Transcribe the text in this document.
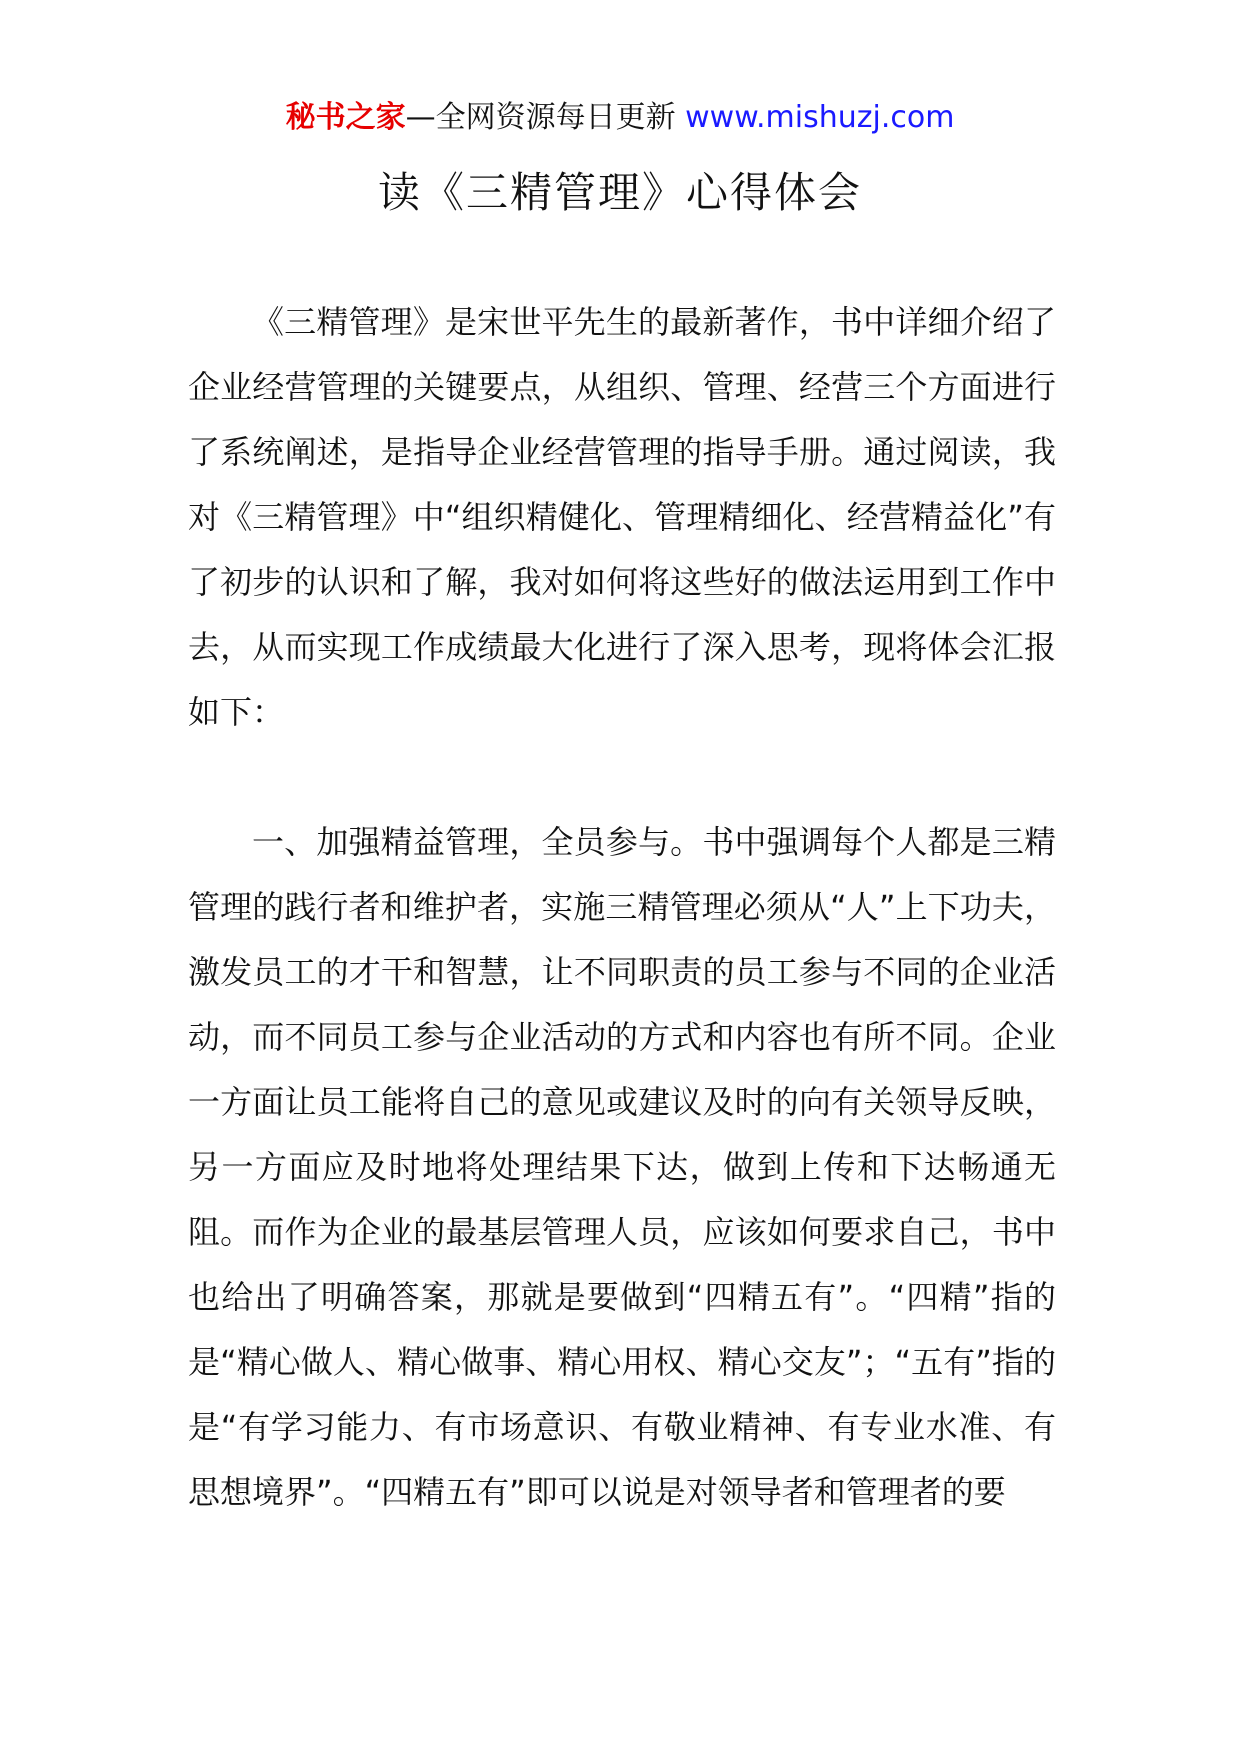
秘书之家—全网资源每日更新 www.mishuzj.com
读《三精管理》心得体会

《三精管理》是宋世平先生的最新著作，书中详细介绍了企业经营管理的关键要点，从组织、管理、经营三个方面进行了系统阐述，是指导企业经营管理的指导手册。通过阅读，我对《三精管理》中“组织精健化、管理精细化、经营精益化”有了初步的认识和了解，我对如何将这些好的做法运用到工作中去，从而实现工作成绩最大化进行了深入思考，现将体会汇报如下：

一、加强精益管理，全员参与。书中强调每个人都是三精管理的践行者和维护者，实施三精管理必须从“人”上下功夫，激发员工的才干和智慧，让不同职责的员工参与不同的企业活动，而不同员工参与企业活动的方式和内容也有所不同。企业一方面让员工能将自己的意见或建议及时的向有关领导反映，另一方面应及时地将处理结果下达，做到上传和下达畅通无阻。而作为企业的最基层管理人员，应该如何要求自己，书中也给出了明确答案，那就是要做到“四精五有”。“四精”指的是“精心做人、精心做事、精心用权、精心交友”；“五有”指的是“有学习能力、有市场意识、有敬业精神、有专业水准、有思想境界”。“四精五有”即可以说是对领导者和管理者的要
